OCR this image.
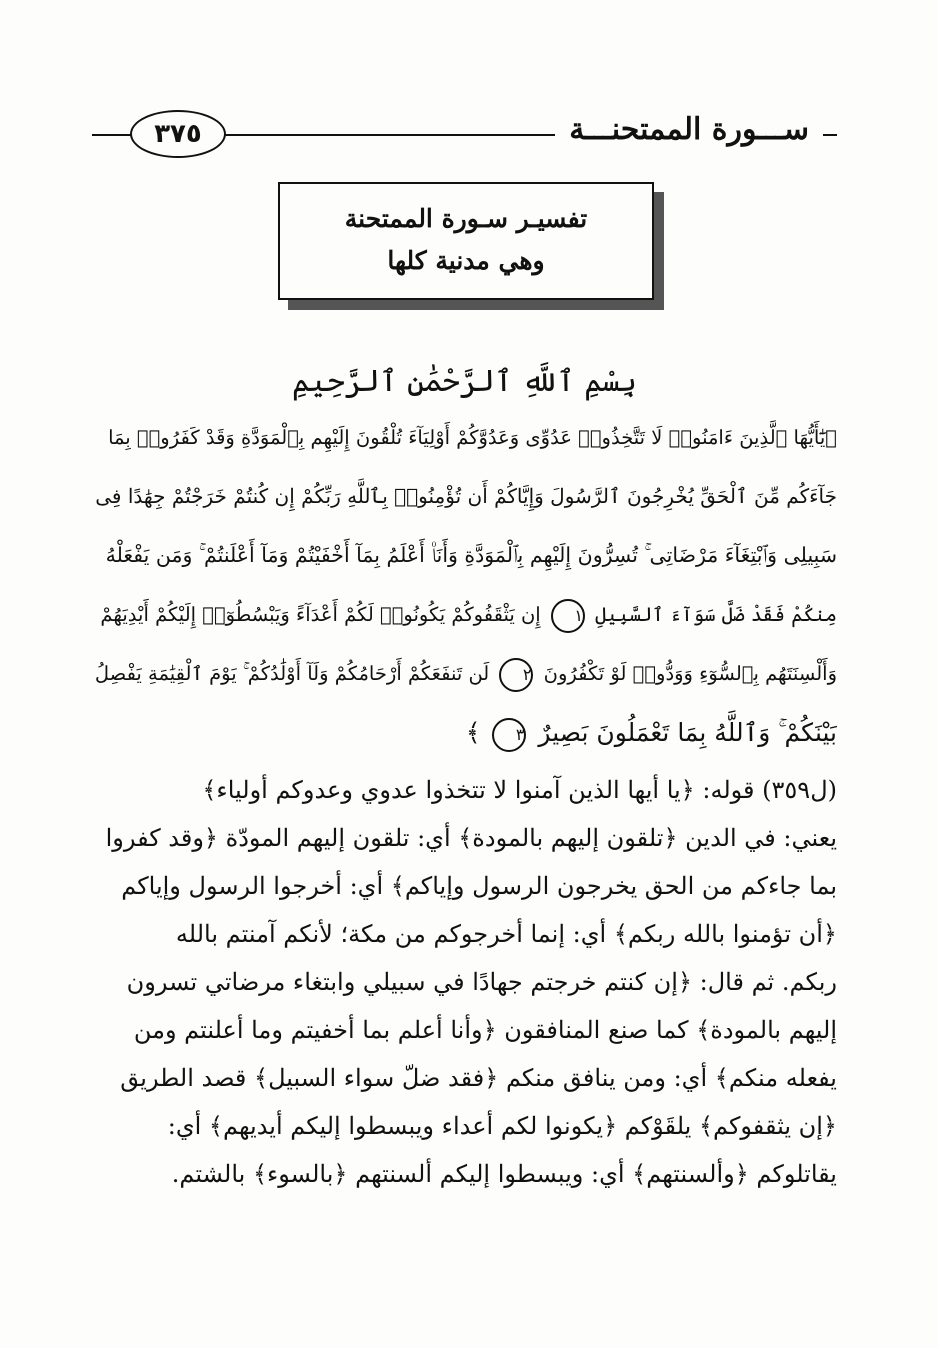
ســـورة الممتحنـــة
٣٧٥
تفسيـر سـورة الممتحنة
وهي مدنية كلها
بِسْمِ ٱللَّهِ ٱلرَّحْمَٰنِ ٱلرَّحِيمِ
﴿يَٰٓأَيُّهَا ٱلَّذِينَ ءَامَنُوا۟ لَا تَتَّخِذُوا۟ عَدُوِّى وَعَدُوَّكُمْ أَوْلِيَآءَ تُلْقُونَ إِلَيْهِم بِٱلْمَوَدَّةِ وَقَدْ كَفَرُوا۟ بِمَا
جَآءَكُم مِّنَ ٱلْحَقِّ يُخْرِجُونَ ٱلرَّسُولَ وَإِيَّاكُمْ أَن تُؤْمِنُوا۟ بِٱللَّهِ رَبِّكُمْ إِن كُنتُمْ خَرَجْتُمْ جِهَٰدًا فِى
سَبِيلِى وَٱبْتِغَآءَ مَرْضَاتِى ۚ تُسِرُّونَ إِلَيْهِم بِٱلْمَوَدَّةِ وَأَنَا۠ أَعْلَمُ بِمَآ أَخْفَيْتُمْ وَمَآ أَعْلَنتُمْ ۚ وَمَن يَفْعَلْهُ
مِنكُمْ فَقَدْ ضَلَّ سَوَآءَ ٱلسَّبِيلِ ١ إِن يَثْقَفُوكُمْ يَكُونُوا۟ لَكُمْ أَعْدَآءً وَيَبْسُطُوٓا۟ إِلَيْكُمْ أَيْدِيَهُمْ
وَأَلْسِنَتَهُم بِٱلسُّوٓءِ وَوَدُّوا۟ لَوْ تَكْفُرُونَ ٢ لَن تَنفَعَكُمْ أَرْحَامُكُمْ وَلَآ أَوْلَٰدُكُمْ ۚ يَوْمَ ٱلْقِيَٰمَةِ يَفْصِلُ
بَيْنَكُمْ ۚ وَٱللَّهُ بِمَا تَعْمَلُونَ بَصِيرٌ ٣ ﴾
(ل٣٥٩) قوله: ﴿يا أيها الذين آمنوا لا تتخذوا عدوي وعدوكم أولياء﴾
يعني: في الدين ﴿تلقون إليهم بالمودة﴾ أي: تلقون إليهم المودّة ﴿وقد كفروا
بما جاءكم من الحق يخرجون الرسول وإياكم﴾ أي: أخرجوا الرسول وإياكم
﴿أن تؤمنوا بالله ربكم﴾ أي: إنما أخرجوكم من مكة؛ لأنكم آمنتم بالله
ربكم. ثم قال: ﴿إن كنتم خرجتم جهادًا في سبيلي وابتغاء مرضاتي تسرون
إليهم بالمودة﴾ كما صنع المنافقون ﴿وأنا أعلم بما أخفيتم وما أعلنتم ومن
يفعله منكم﴾ أي: ومن ينافق منكم ﴿فقد ضلّ سواء السبيل﴾ قصد الطريق
﴿إن يثقفوكم﴾ يلقَوْكم ﴿يكونوا لكم أعداء ويبسطوا إليكم أيديهم﴾ أي:
يقاتلوكم ﴿وألسنتهم﴾ أي: ويبسطوا إليكم ألسنتهم ﴿بالسوء﴾ بالشتم.
